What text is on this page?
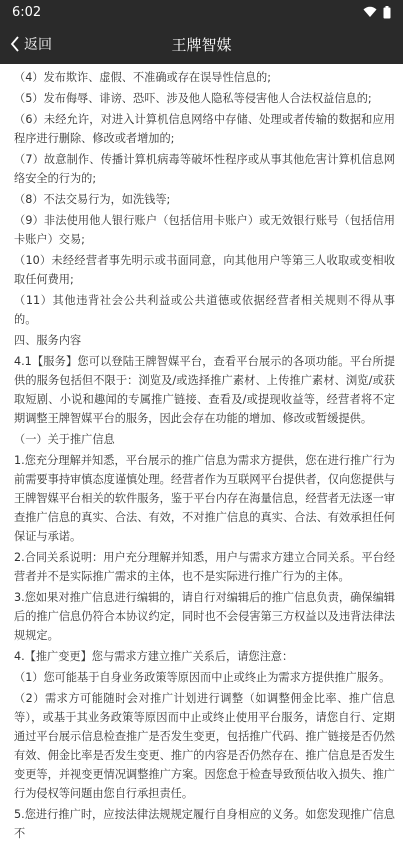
6:02
返回	王牌智媒

（4）发布欺诈、虚假、不准确或存在误导性信息的;

（5）发布侮辱、诽谤、恐吓、涉及他人隐私等侵害他人合法权益信息的;

（6）未经允许，对进入计算机信息网络中存储、处理或者传输的数据和应用程序进行删除、修改或者增加的;

（7）故意制作、传播计算机病毒等破坏性程序或从事其他危害计算机信息网络安全的行为的;

（8）不法交易行为，如洗钱等;

（9）非法使用他人银行账户（包括信用卡账户）或无效银行账号（包括信用卡账户）交易;

（10）未经经营者事先明示或书面同意，向其他用户等第三人收取或变相收取任何费用;

（11）其他违背社会公共利益或公共道德或依据经营者相关规则不得从事的。

四、服务内容

4.1【服务】您可以登陆王牌智媒平台，查看平台展示的各项功能。平台所提供的服务包括但不限于：浏览及/或选择推广素材、上传推广素材、浏览/或获取短剧、小说和趣闻的专属推广链接、查看及/或提现收益等，经营者将不定期调整王牌智媒平台的服务，因此会存在功能的增加、修改或暂缓提供。

（一）关于推广信息

1.您充分理解并知悉，平台展示的推广信息为需求方提供，您在进行推广行为前需要事持审慎态度谨慎处理。经营者作为互联网平台提供者，仅向您提供与王牌智媒平台相关的软件服务，鉴于平台内存在海量信息，经营者无法逐一审查推广信息的真实、合法、有效，不对推广信息的真实、合法、有效承担任何保证与承诺。

2.合同关系说明：用户充分理解并知悉，用户与需求方建立合同关系。平台经营者并不是实际推广需求的主体，也不是实际进行推广行为的主体。

3.您如果对推广信息进行编辑的，请自行对编辑后的推广信息负责，确保编辑后的推广信息仍符合本协议约定，同时也不会侵害第三方权益以及违背法律法规规定。

4.【推广变更】您与需求方建立推广关系后，请您注意：

（1）您可能基于自身业务政策等原因而中止或终止为需求方提供推广服务。

（2）需求方可能随时会对推广计划进行调整（如调整佣金比率、推广信息等），或基于其业务政策等原因而中止或终止使用平台服务，请您自行、定期通过平台展示信息检查推广是否发生变更，包括推广代码、推广链接是否仍然有效、佣金比率是否发生变更、推广的内容是否仍然存在、推广信息是否发生变更等，并视变更情况调整推广方案。因您怠于检查导致预估收入损失、推广行为侵权等问题由您自行承担责任。

5.您进行推广时，应按法律法规规定履行自身相应的义务。如您发现推广信息不
